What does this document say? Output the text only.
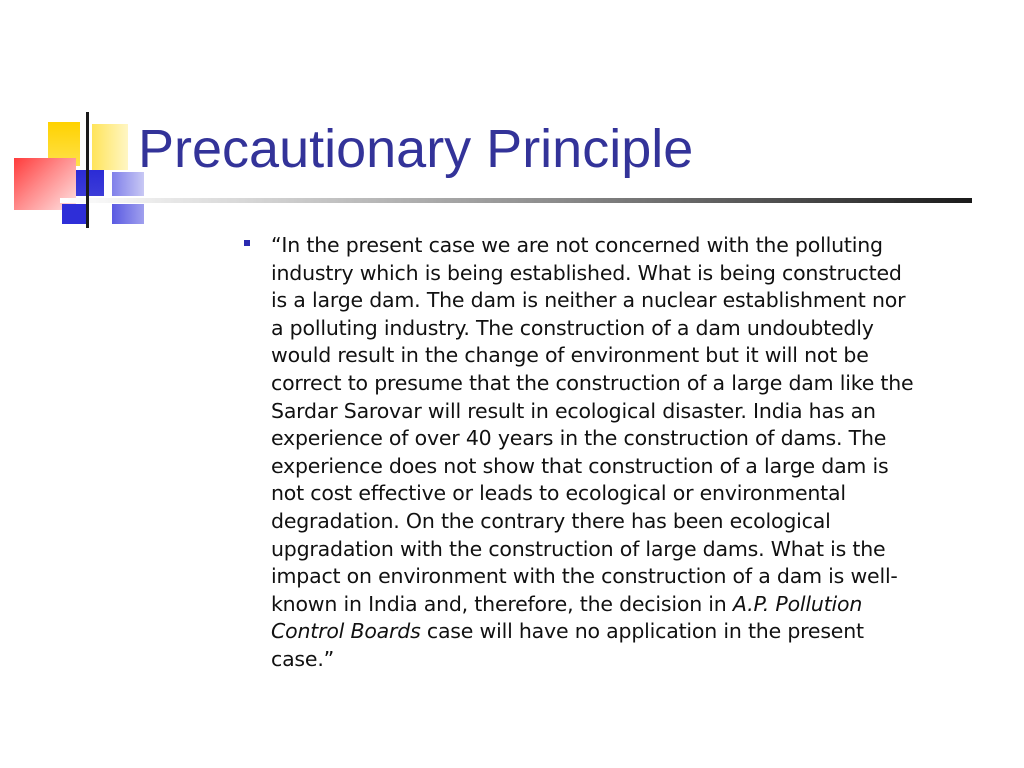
Precautionary Principle

“In the present case we are not concerned with the polluting
industry which is being established. What is being constructed
is a large dam. The dam is neither a nuclear establishment nor
a polluting industry. The construction of a dam undoubtedly
would result in the change of environment but it will not be
correct to presume that the construction of a large dam like the
Sardar Sarovar will result in ecological disaster. India has an
experience of over 40 years in the construction of dams. The
experience does not show that construction of a large dam is
not cost effective or leads to ecological or environmental
degradation. On the contrary there has been ecological
upgradation with the construction of large dams. What is the
impact on environment with the construction of a dam is well-
known in India and, therefore, the decision in A.P. Pollution
Control Boards case will have no application in the present
case.”
